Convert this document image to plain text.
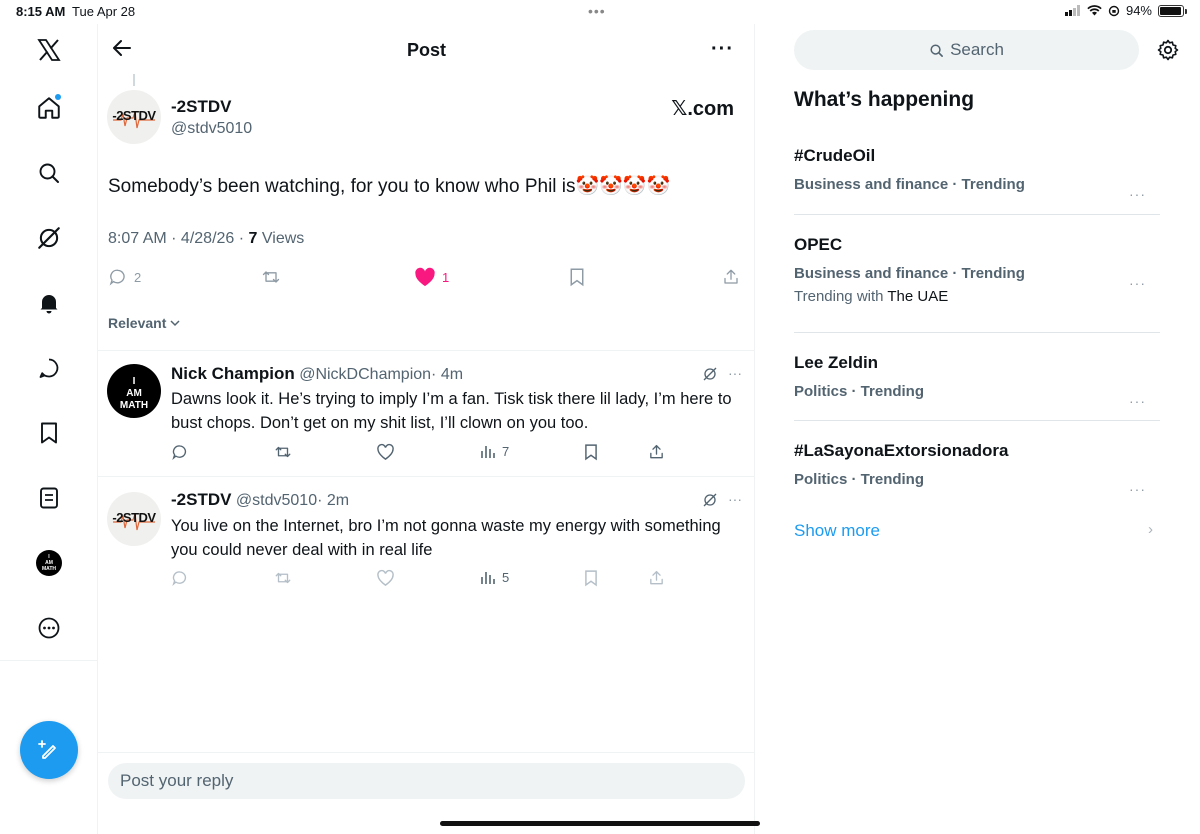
8:15 AM Tue Apr 28	•••	94%
I
AM
MATH
Post	···
-2STDV -2STDV
@stdv5010
𝕏.com
Somebody’s been watching, for you to know who Phil is🤡🤡🤡🤡
8:07 AM · 4/28/26 · 7 Views
2	1
Relevant
I
AM
MATH
Nick Champion @NickDChampion· 4m	···
Dawns look it. He’s trying to imply I’m a fan. Tisk tisk there lil lady, I’m here to bust chops. Don’t get on my shit list, I’ll clown on you too.
7
-2STDV
-2STDV @stdv5010· 2m	···
You live on the Internet, bro I’m not gonna waste my energy with something you could never deal with in real life
5
Post your reply
Search
What’s happening
#CrudeOil
Business and finance · Trending
···
OPEC
Business and finance · Trending
Trending with The UAE
···
Lee Zeldin
Politics · Trending
···
#LaSayonaExtorsionadora
Politics · Trending
···
Show more	›
